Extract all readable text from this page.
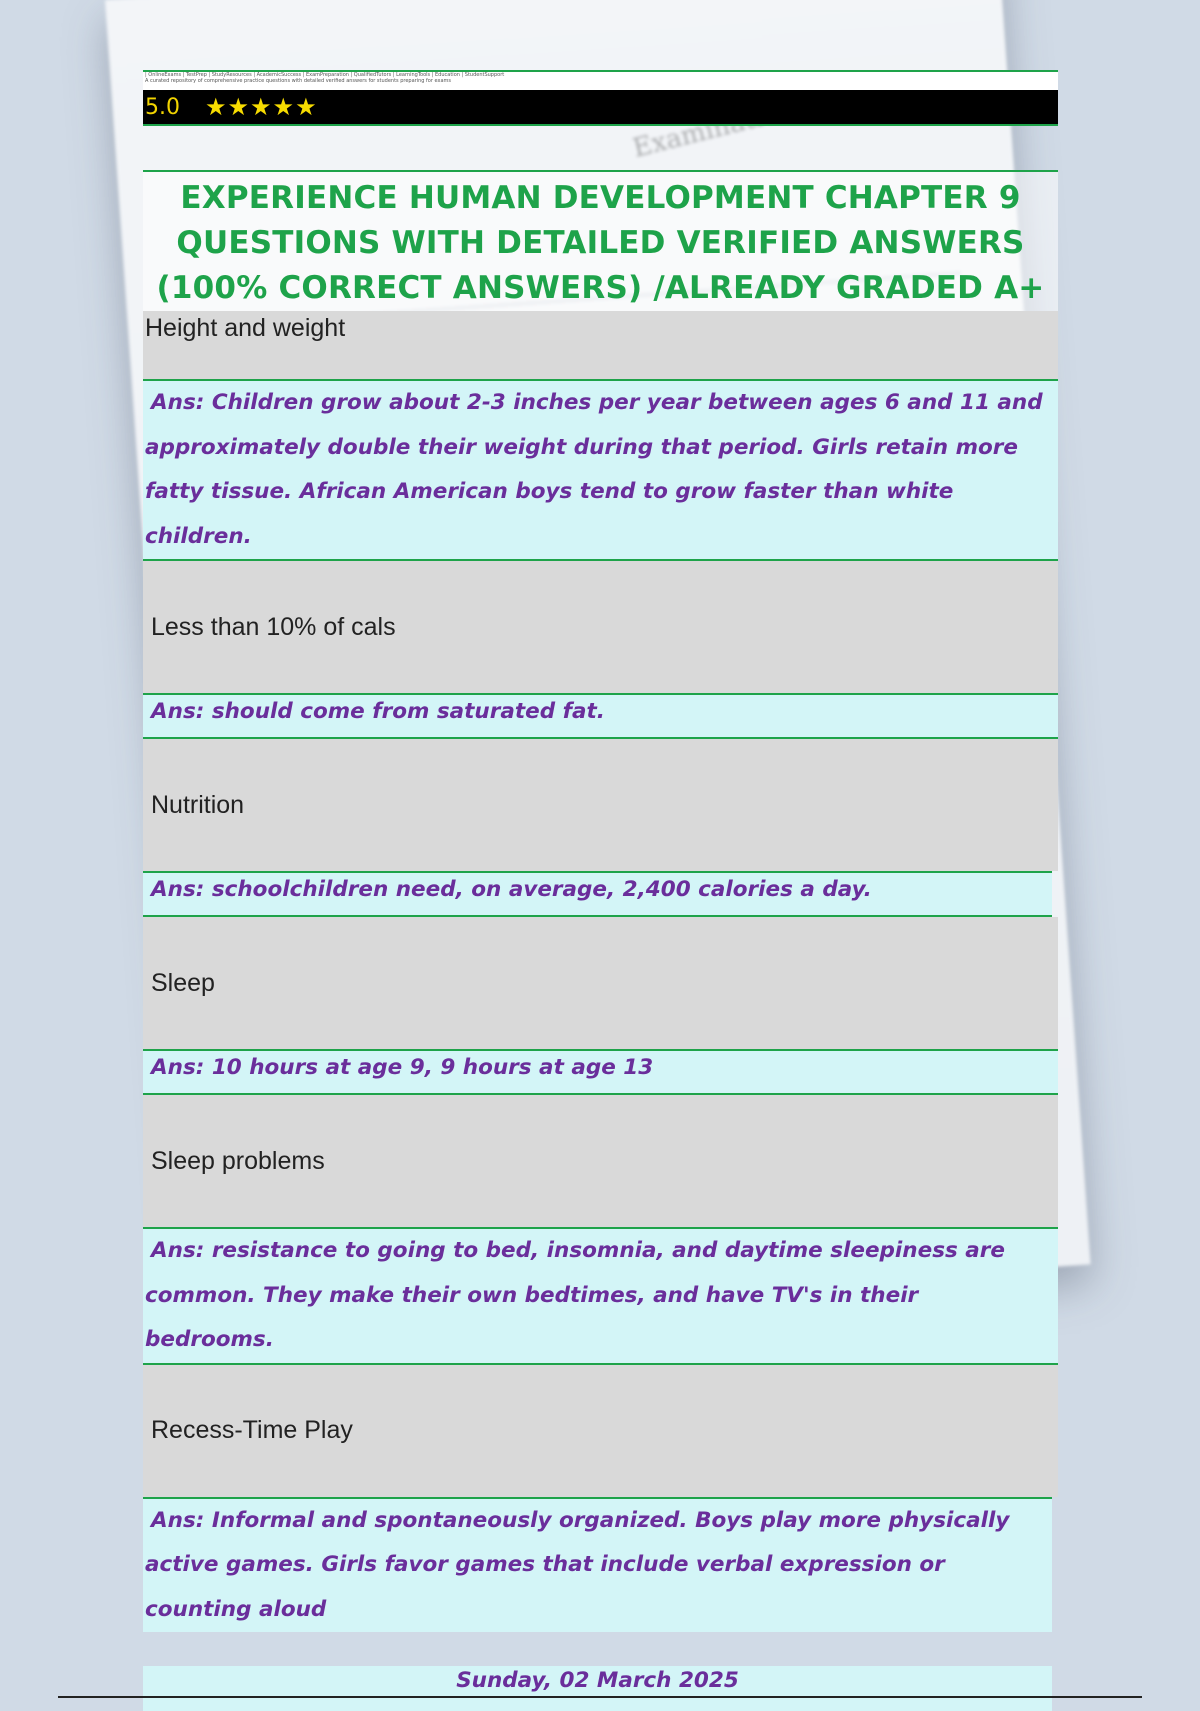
| OnlineExams | TestPrep | StudyResources | AcademicSuccess | ExamPreparation | QualifiedTutors | LearningTools | Education | StudentSupport
A curated repository of comprehensive practice questions with detailed verified answers for students preparing for exams
5.0	★★★★★
EXPERIENCE HUMAN DEVELOPMENT CHAPTER 9 QUESTIONS WITH DETAILED VERIFIED ANSWERS (100% CORRECT ANSWERS) /ALREADY GRADED A+
Height and weight
Ans: Children grow about 2-3 inches per year between ages 6 and 11 and approximately double their weight during that period. Girls retain more fatty tissue. African American boys tend to grow faster than white children.
Less than 10% of cals
Ans: should come from saturated fat.
Nutrition
Ans: schoolchildren need, on average, 2,400 calories a day.
Sleep
Ans: 10 hours at age 9, 9 hours at age 13
Sleep problems
Ans: resistance to going to bed, insomnia, and daytime sleepiness are common. They make their own bedtimes, and have TV's in their bedrooms.
Recess-Time Play
Ans: Informal and spontaneously organized. Boys play more physically active games. Girls favor games that include verbal expression or counting aloud
Sunday, 02 March 2025
